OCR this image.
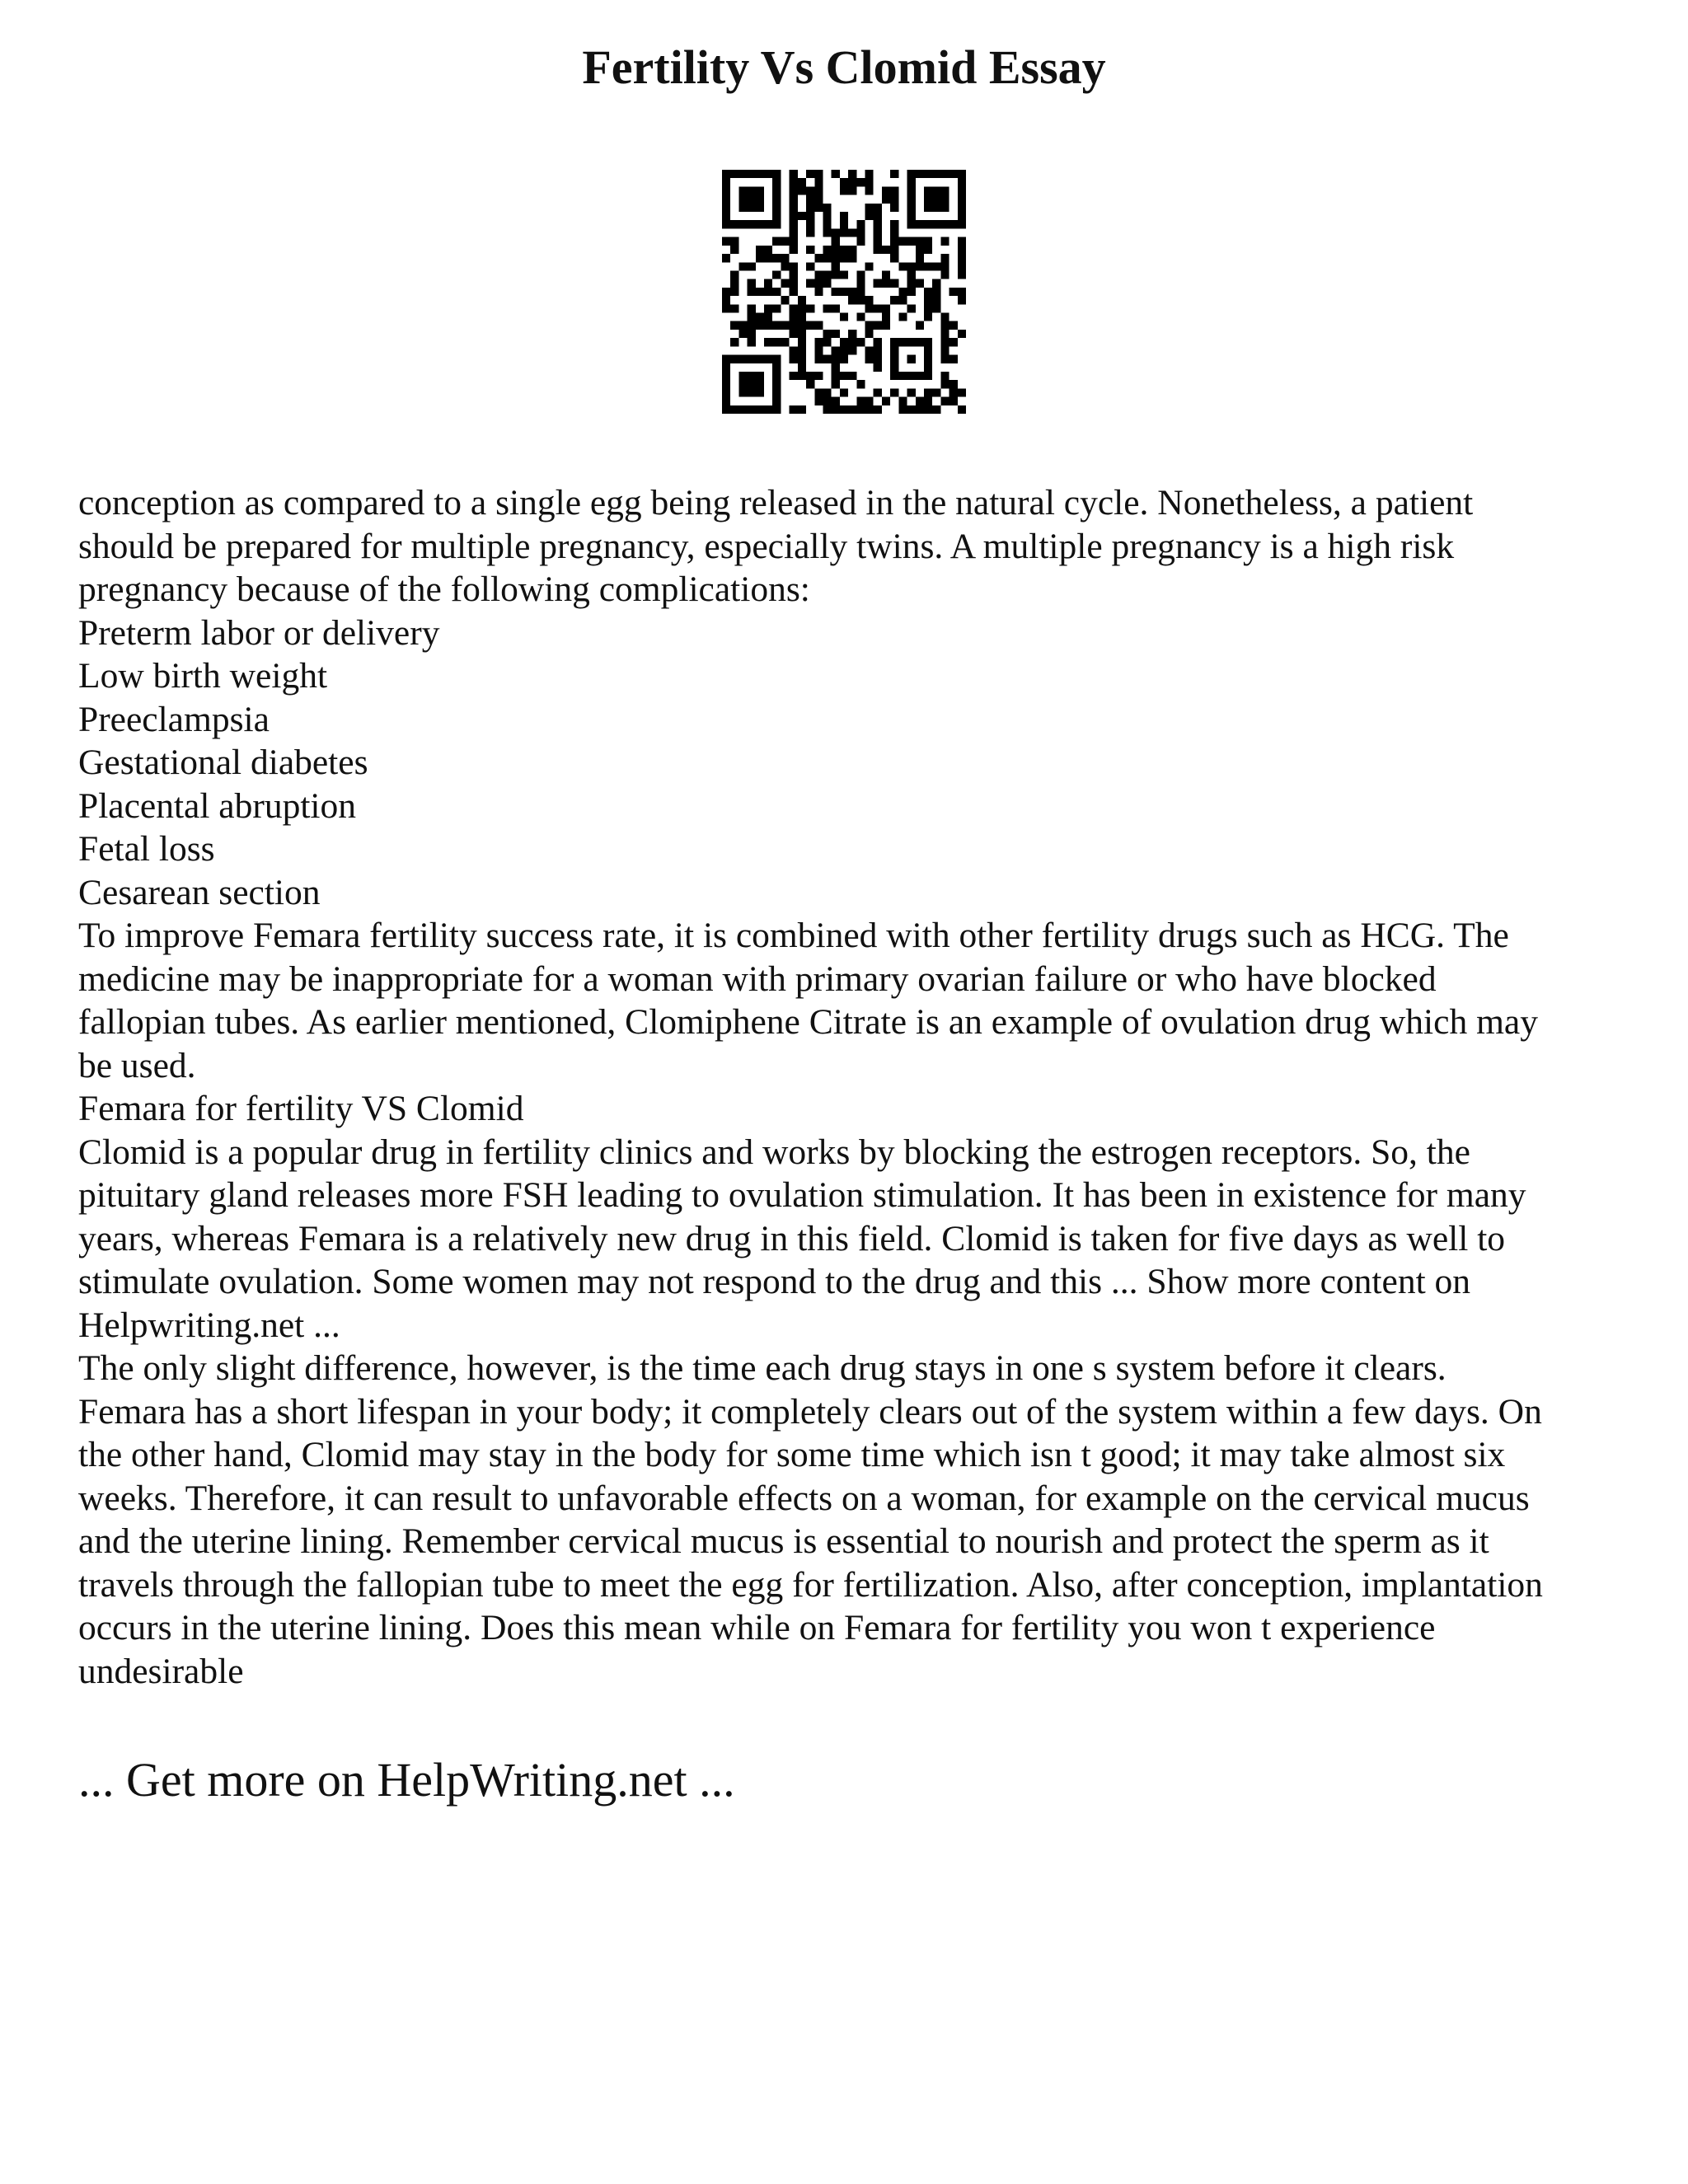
Fertility Vs Clomid Essay
conception as compared to a single egg being released in the natural cycle. Nonetheless, a patient
should be prepared for multiple pregnancy, especially twins. A multiple pregnancy is a high risk
pregnancy because of the following complications:
Preterm labor or delivery
Low birth weight
Preeclampsia
Gestational diabetes
Placental abruption
Fetal loss
Cesarean section
To improve Femara fertility success rate, it is combined with other fertility drugs such as HCG. The
medicine may be inappropriate for a woman with primary ovarian failure or who have blocked
fallopian tubes. As earlier mentioned, Clomiphene Citrate is an example of ovulation drug which may
be used.
Femara for fertility VS Clomid
Clomid is a popular drug in fertility clinics and works by blocking the estrogen receptors. So, the
pituitary gland releases more FSH leading to ovulation stimulation. It has been in existence for many
years, whereas Femara is a relatively new drug in this field. Clomid is taken for five days as well to
stimulate ovulation. Some women may not respond to the drug and this ... Show more content on
Helpwriting.net ...
The only slight difference, however, is the time each drug stays in one s system before it clears.
Femara has a short lifespan in your body; it completely clears out of the system within a few days. On
the other hand, Clomid may stay in the body for some time which isn t good; it may take almost six
weeks. Therefore, it can result to unfavorable effects on a woman, for example on the cervical mucus
and the uterine lining. Remember cervical mucus is essential to nourish and protect the sperm as it
travels through the fallopian tube to meet the egg for fertilization. Also, after conception, implantation
occurs in the uterine lining. Does this mean while on Femara for fertility you won t experience
undesirable
... Get more on HelpWriting.net ...
